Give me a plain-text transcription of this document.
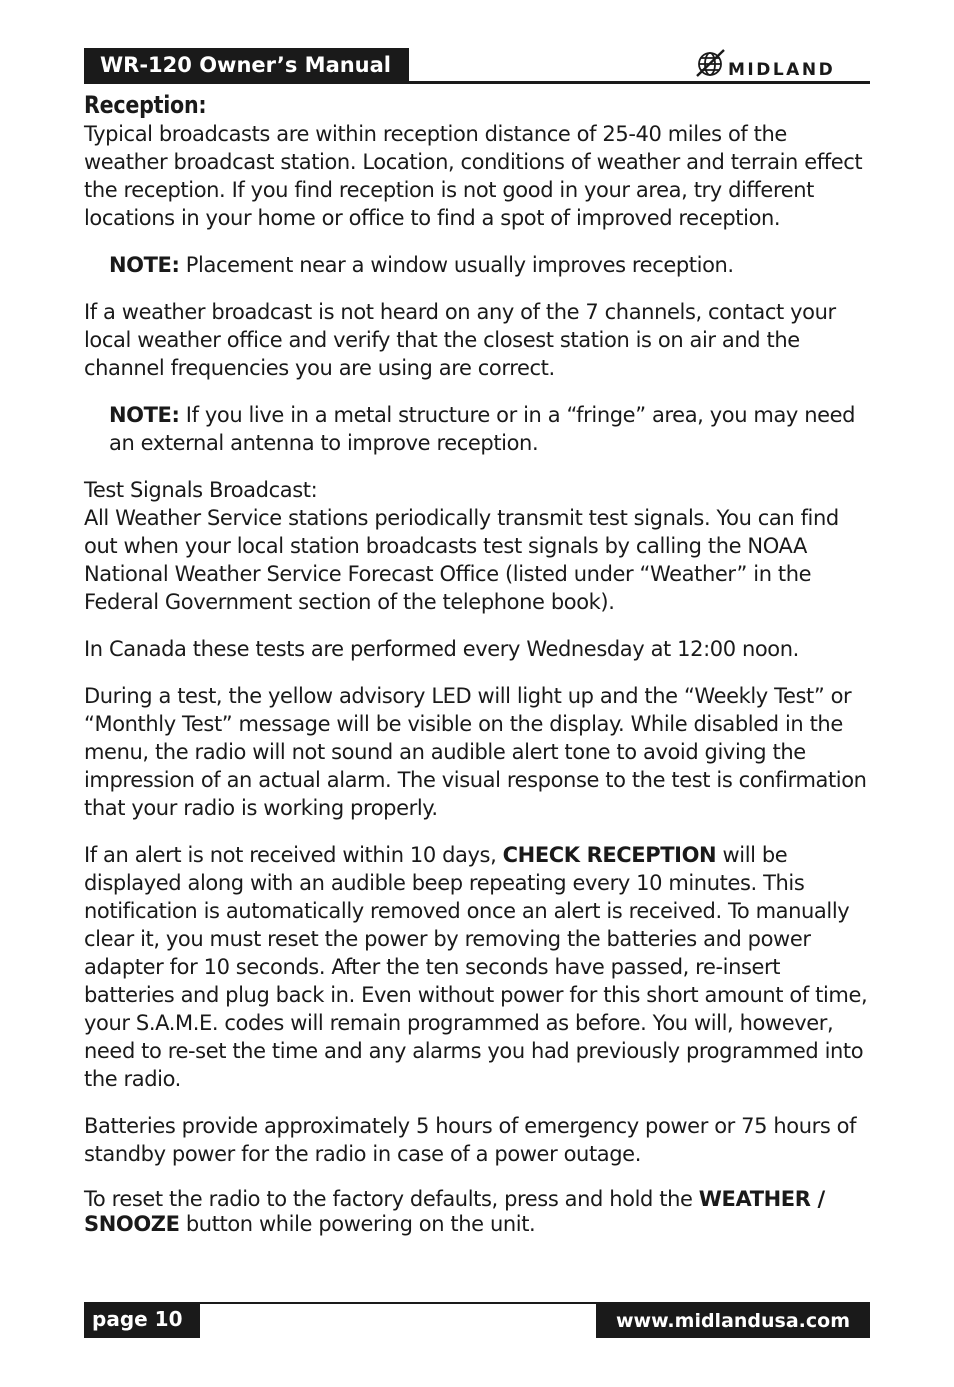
WR-120 Owner’s Manual	MIDLAND
Reception:

Typical broadcasts are within reception distance of 25-40 miles of the weather broadcast station. Location, conditions of weather and terrain effect the reception. If you find reception is not good in your area, try different locations in your home or office to find a spot of improved reception.

NOTE: Placement near a window usually improves reception.

If a weather broadcast is not heard on any of the 7 channels, contact your local weather office and verify that the closest station is on air and the channel frequencies you are using are correct.

NOTE: If you live in a metal structure or in a “fringe” area, you may need an external antenna to improve reception.

Test Signals Broadcast:

All Weather Service stations periodically transmit test signals. You can find out when your local station broadcasts test signals by calling the NOAA National Weather Service Forecast Office (listed under “Weather” in the Federal Government section of the telephone book).

In Canada these tests are performed every Wednesday at 12:00 noon.

During a test, the yellow advisory LED will light up and the “Weekly Test” or “Monthly Test” message will be visible on the display. While disabled in the menu, the radio will not sound an audible alert tone to avoid giving the impression of an actual alarm. The visual response to the test is confirmation that your radio is working properly.

If an alert is not received within 10 days, CHECK RECEPTION will be displayed along with an audible beep repeating every 10 minutes. This notification is automatically removed once an alert is received. To manually clear it, you must reset the power by removing the batteries and power adapter for 10 seconds. After the ten seconds have passed, re-insert batteries and plug back in. Even without power for this short amount of time, your S.A.M.E. codes will remain programmed as before. You will, however, need to re-set the time and any alarms you had previously programmed into the radio.

Batteries provide approximately 5 hours of emergency power or 75 hours of standby power for the radio in case of a power outage.

To reset the radio to the factory defaults, press and hold the WEATHER / SNOOZE button while powering on the unit.

page 10	www.midlandusa.com
